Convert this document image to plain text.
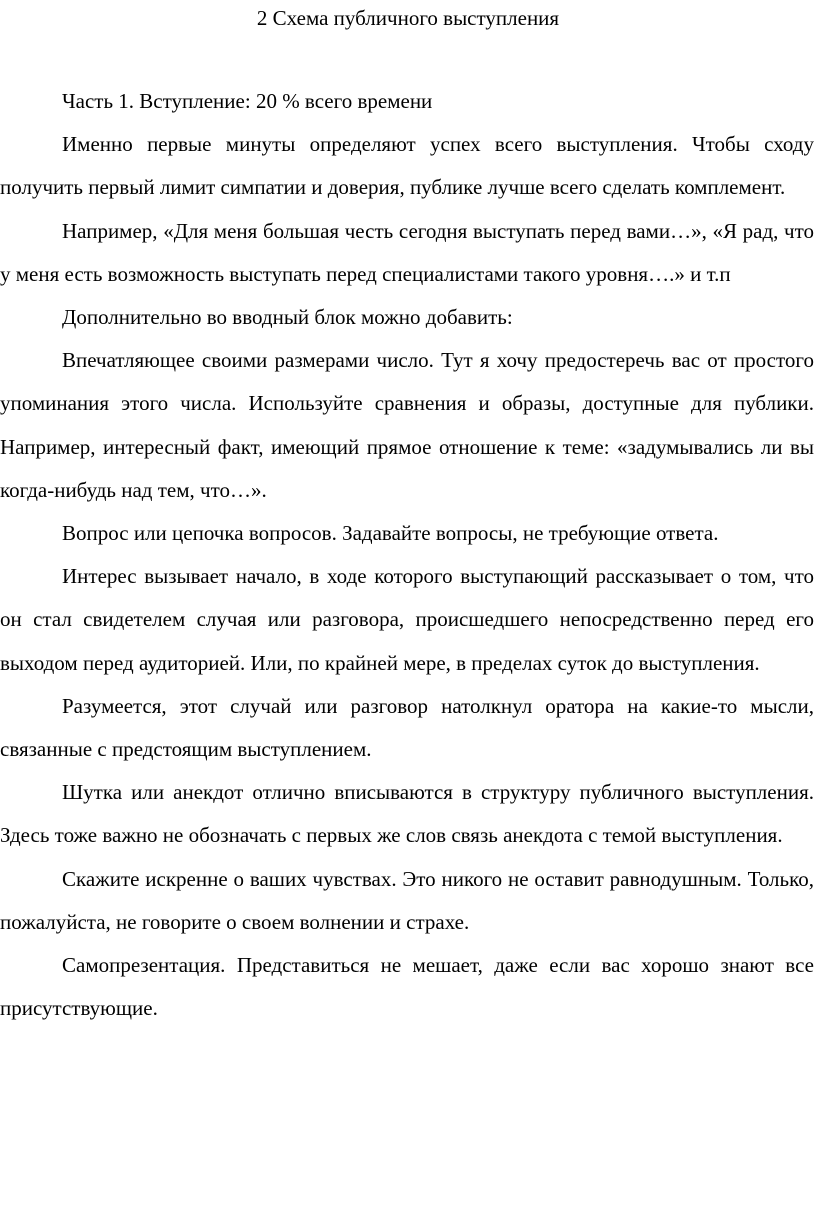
2 Схема публичного выступления

Часть 1. Вступление: 20 % всего времени

Именно первые минуты определяют успех всего выступления. Чтобы сходу получить первый лимит симпатии и доверия, публике лучше всего сделать комплемент.

Например, «Для меня большая честь сегодня выступать перед вами…», «Я рад, что у меня есть возможность выступать перед специалистами такого уровня….» и т.п

Дополнительно во вводный блок можно добавить:

Впечатляющее своими размерами число. Тут я хочу предостеречь вас от простого упоминания этого числа. Используйте сравнения и образы, доступные для публики. Например, интересный факт, имеющий прямое отношение к теме: «задумывались ли вы когда-нибудь над тем, что…».

Вопрос или цепочка вопросов. Задавайте вопросы, не требующие ответа.

Интерес вызывает начало, в ходе которого выступающий рассказывает о том, что он стал свидетелем случая или разговора, происшедшего непосредственно перед его выходом перед аудиторией. Или, по крайней мере, в пределах суток до выступления.

Разумеется, этот случай или разговор натолкнул оратора на какие-то мысли, связанные с предстоящим выступлением.

Шутка или анекдот отлично вписываются в структуру публичного выступления. Здесь тоже важно не обозначать с первых же слов связь анекдота с темой выступления.

Скажите искренне о ваших чувствах. Это никого не оставит равнодушным. Только, пожалуйста, не говорите о своем волнении и страхе.

Самопрезентация. Представиться не мешает, даже если вас хорошо знают все присутствующие.
